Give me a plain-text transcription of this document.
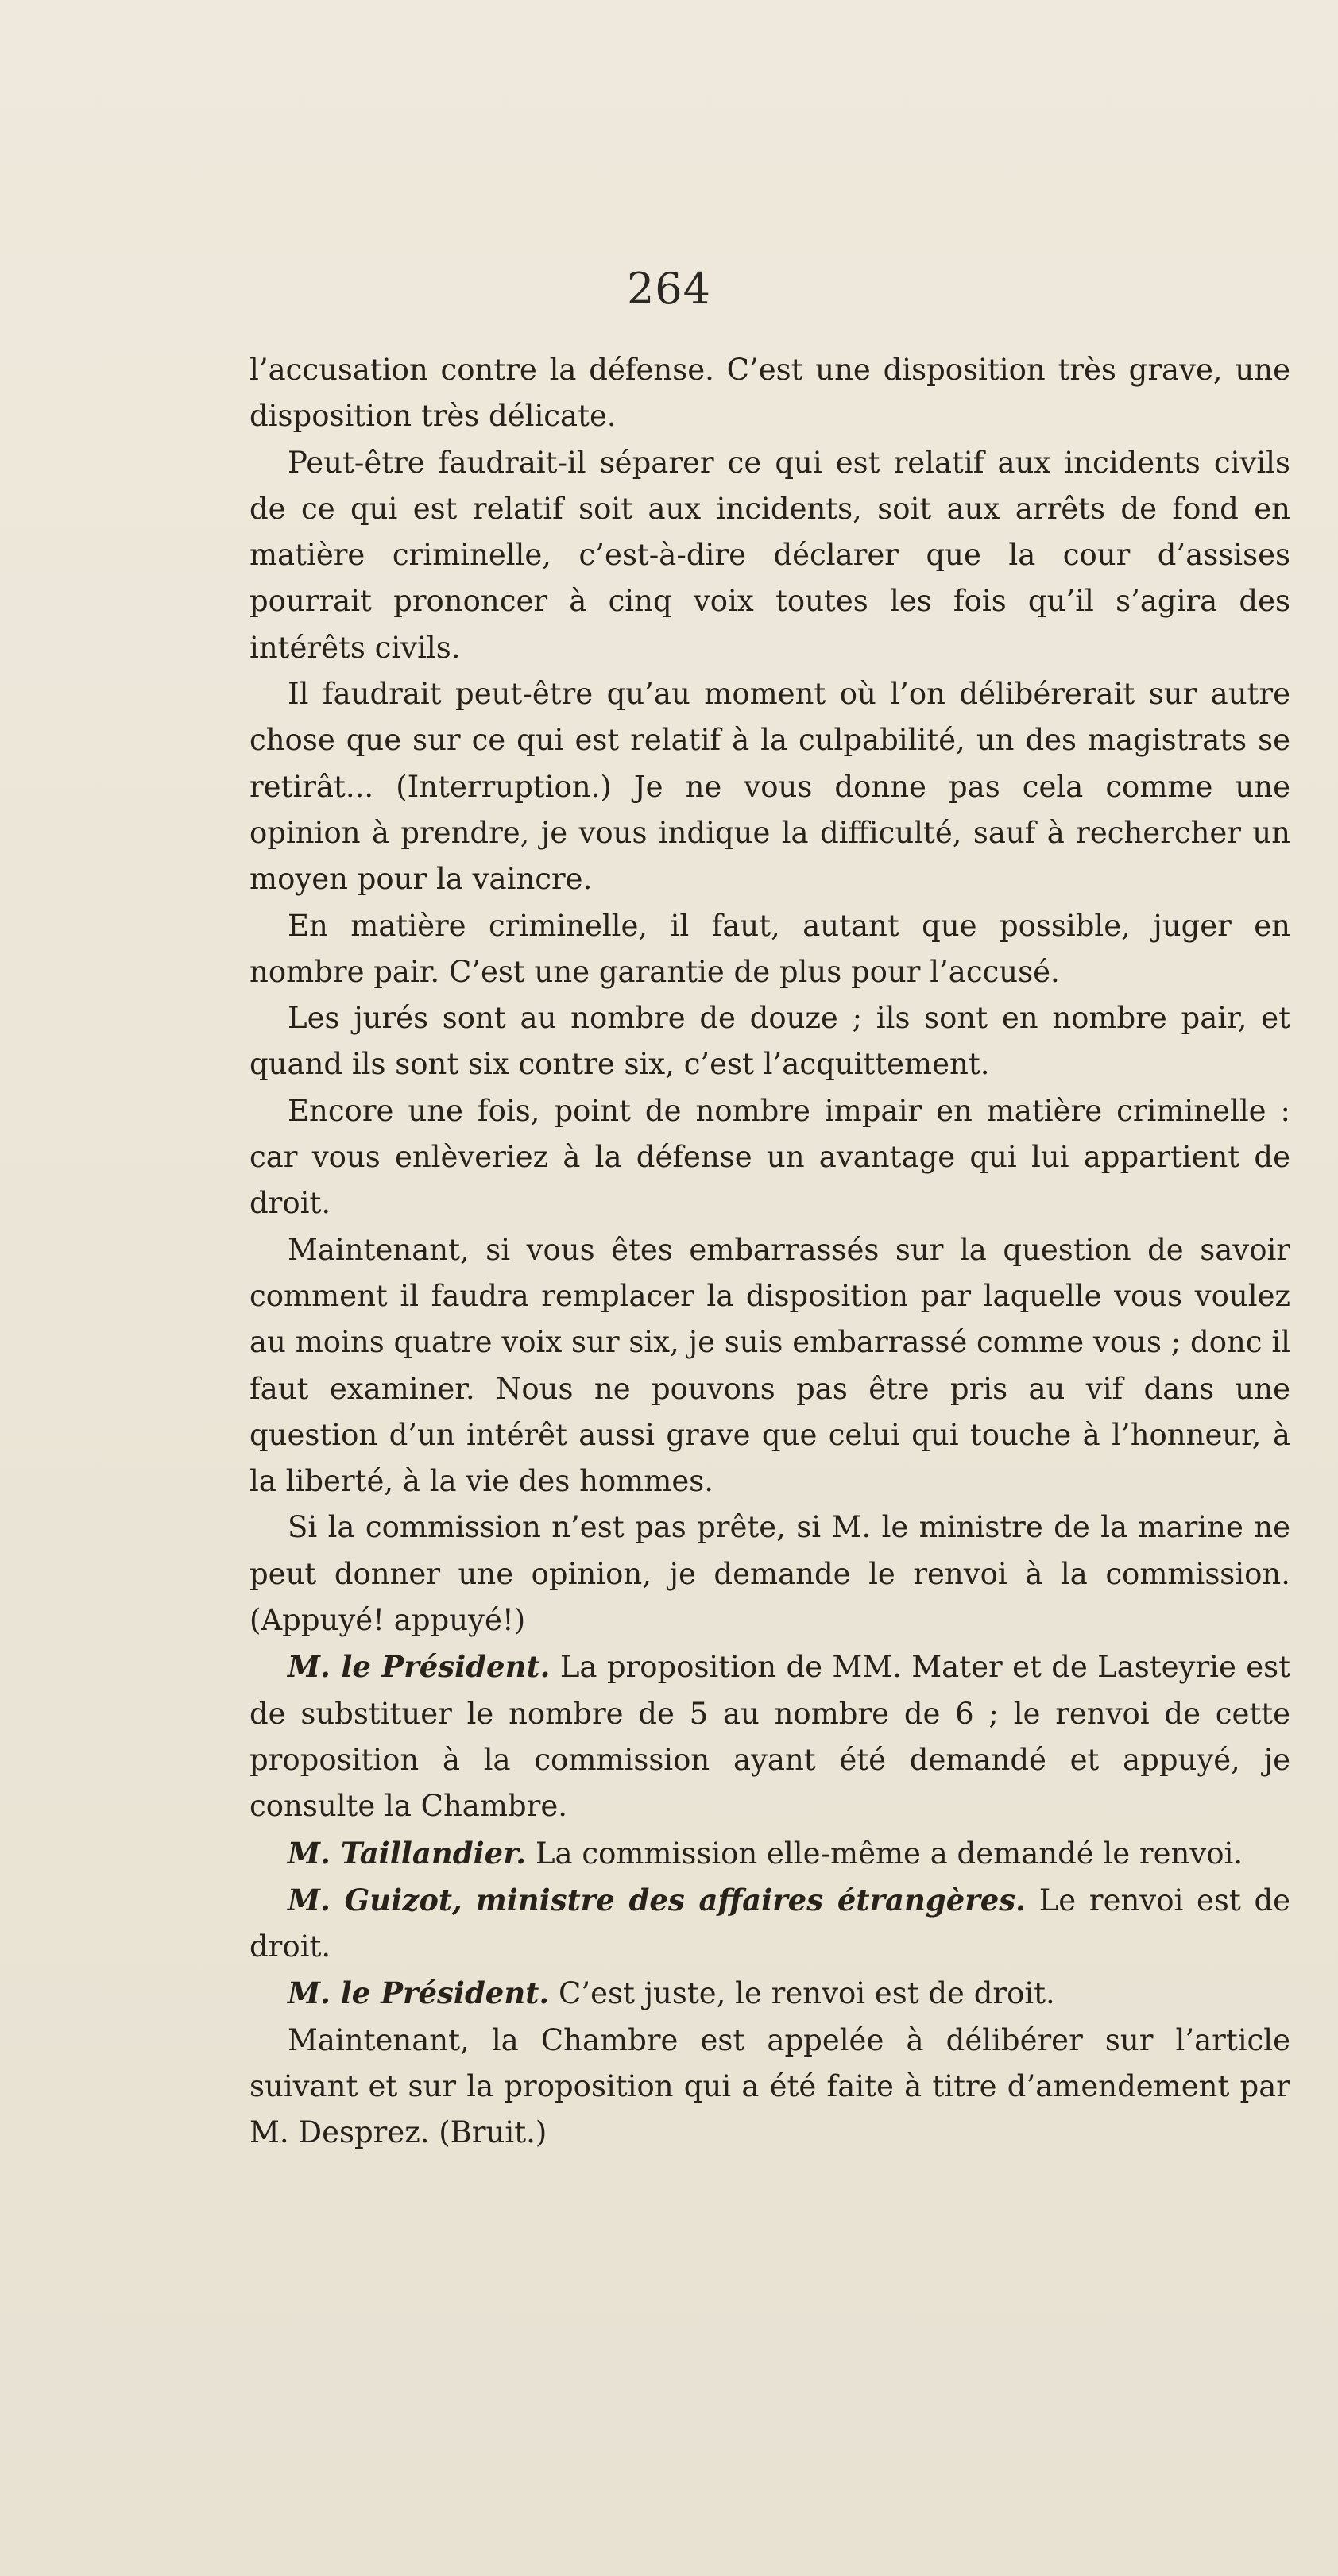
264

l’accusation contre la défense. C’est une disposition très grave, une disposition très délicate.

Peut-être faudrait-il séparer ce qui est relatif aux incidents civils de ce qui est relatif soit aux incidents, soit aux arrêts de fond en matière criminelle, c’est-à-dire déclarer que la cour d’assises pourrait prononcer à cinq voix toutes les fois qu’il s’agira des intérêts civils.

Il faudrait peut-être qu’au moment où l’on délibérerait sur autre chose que sur ce qui est relatif à la culpabilité, un des magistrats se retirât... (Interruption.) Je ne vous donne pas cela comme une opinion à prendre, je vous indique la difficulté, sauf à rechercher un moyen pour la vaincre.

En matière criminelle, il faut, autant que possible, juger en nombre pair. C’est une garantie de plus pour l’accusé.

Les jurés sont au nombre de douze ; ils sont en nombre pair, et quand ils sont six contre six, c’est l’acquittement.

Encore une fois, point de nombre impair en matière criminelle : car vous enlèveriez à la défense un avantage qui lui appartient de droit.

Maintenant, si vous êtes embarrassés sur la question de savoir comment il faudra remplacer la disposition par laquelle vous voulez au moins quatre voix sur six, je suis embarrassé comme vous ; donc il faut examiner. Nous ne pouvons pas être pris au vif dans une question d’un intérêt aussi grave que celui qui touche à l’honneur, à la liberté, à la vie des hommes.

Si la commission n’est pas prête, si M. le ministre de la marine ne peut donner une opinion, je demande le renvoi à la commission. (Appuyé! appuyé!)

M. le Président. La proposition de MM. Mater et de Lasteyrie est de substituer le nombre de 5 au nombre de 6 ; le renvoi de cette proposition à la commission ayant été demandé et appuyé, je consulte la Chambre.

M. Taillandier. La commission elle-même a demandé le renvoi.

M. Guizot, ministre des affaires étrangères. Le renvoi est de droit.

M. le Président. C’est juste, le renvoi est de droit.

Maintenant, la Chambre est appelée à délibérer sur l’article suivant et sur la proposition qui a été faite à titre d’amendement par M. Desprez. (Bruit.)
